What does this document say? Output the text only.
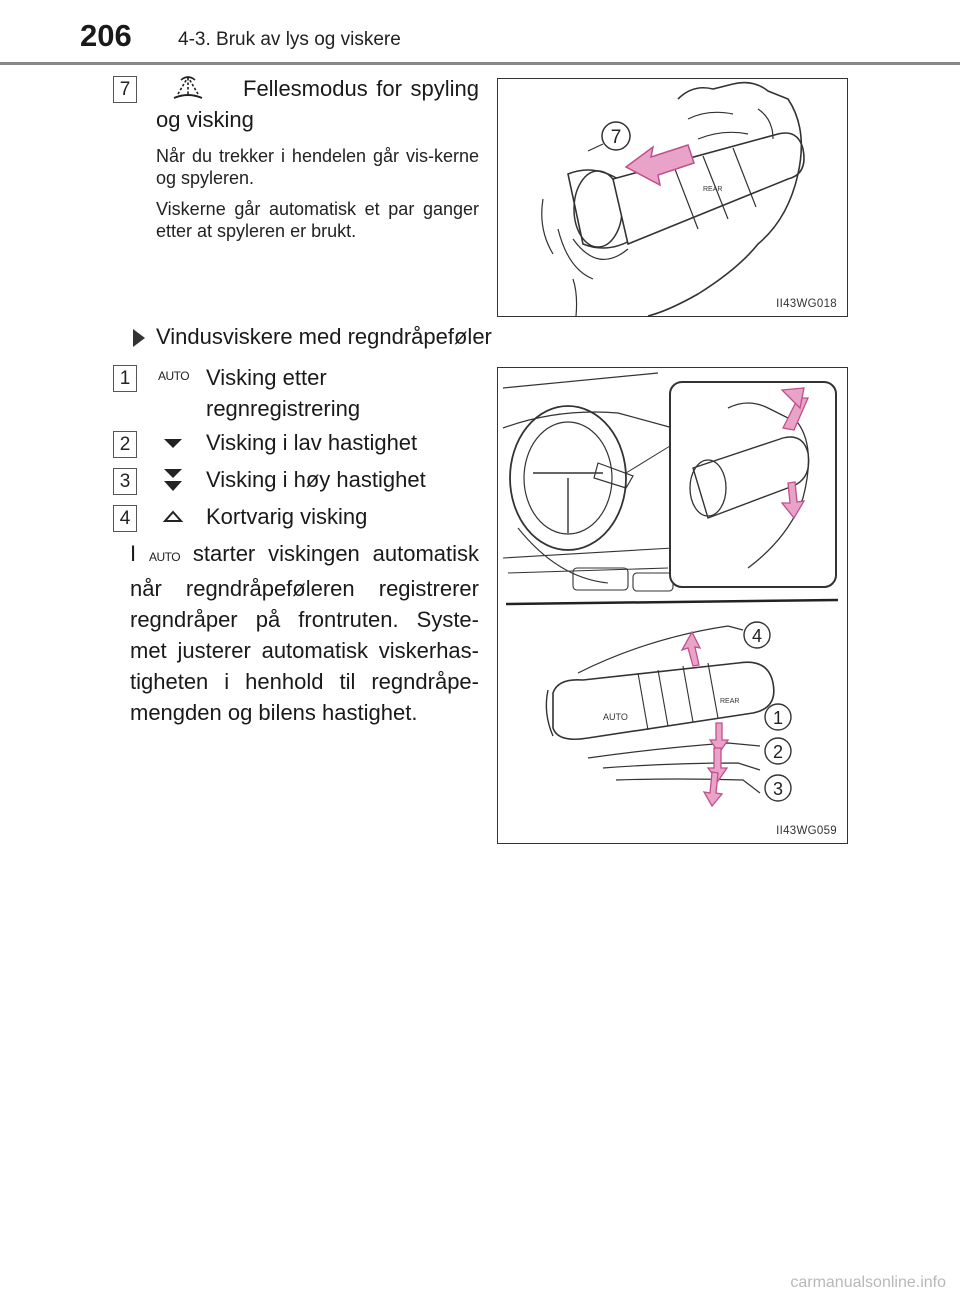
206 4-3. Bruk av lys og viskere
7	Fellesmodus for spyling
og visking
Når du trekker i hendelen går vis-kerne og spyleren.
Viskerne går automatisk et par ganger etter at spyleren er brukt.
REAR
7
II43WG018
Vindusviskere med regndråpeføler
1	AUTO Visking etter
regnregistrering
2	Visking i lav hastighet
3	Visking i høy hastighet
4	Kortvarig visking
I AUTO starter viskingen automatisk når regndråpeføleren registrerer regndråper på frontruten. Syste-met justerer automatisk viskerhas-tigheten i henhold til regndråpe-mengden og bilens hastighet.	AUTO
REAR
4
1
2
3
II43WG059
carmanualsonline.info
